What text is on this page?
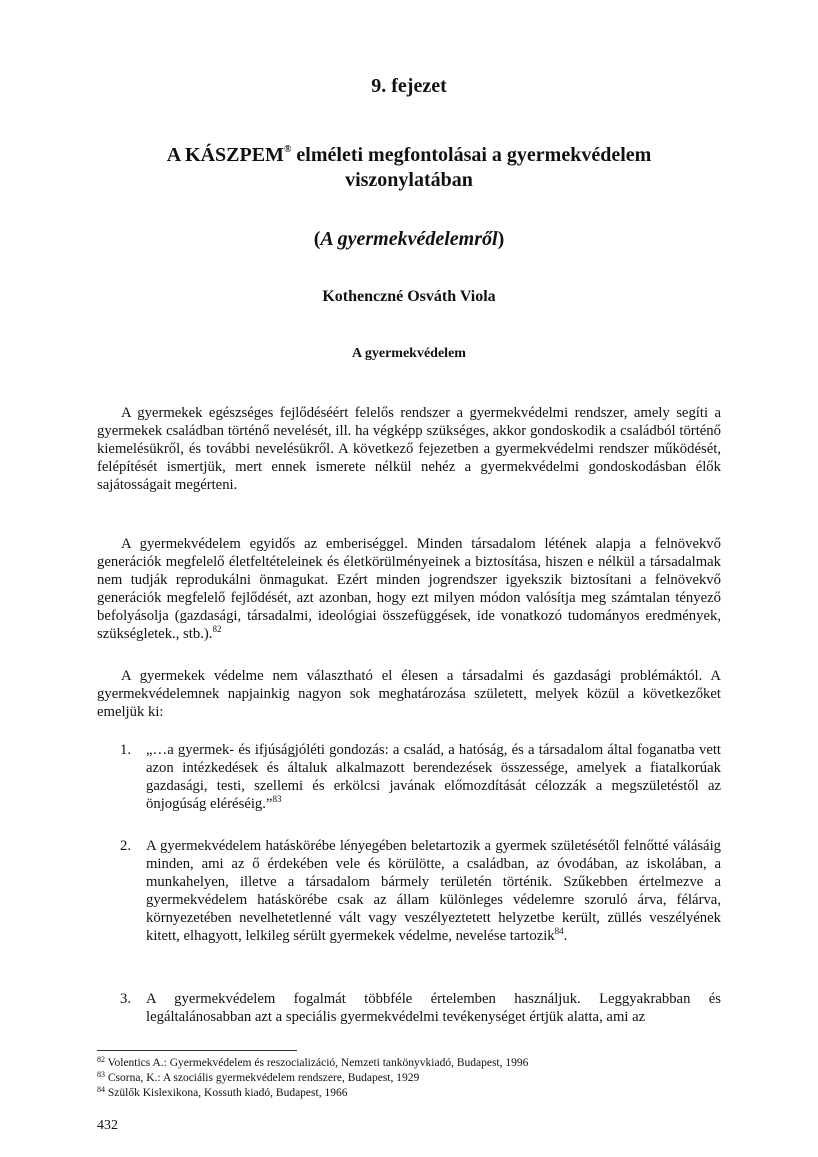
9. fejezet
A KÁSZPEM® elméleti megfontolásai a gyermekvédelem viszonylatában
(A gyermekvédelemről)
Kothenczné Osváth Viola
A gyermekvédelem

A gyermekek egészséges fejlődéséért felelős rendszer a gyermekvédelmi rendszer, amely segíti a gyermekek családban történő nevelését, ill. ha végképp szükséges, akkor gondoskodik a családból történő kiemelésükről, és további nevelésükről. A következő fejezetben a gyermekvédelmi rendszer működését, felépítését ismertjük, mert ennek ismerete nélkül nehéz a gyermekvédelmi gondoskodásban élők sajátosságait megérteni.

A gyermekvédelem egyidős az emberiséggel. Minden társadalom létének alapja a felnövekvő generációk megfelelő életfeltételeinek és életkörülményeinek a biztosítása, hiszen e nélkül a társadalmak nem tudják reprodukálni önmagukat. Ezért minden jogrendszer igyekszik biztosítani a felnövekvő generációk megfelelő fejlődését, azt azonban, hogy ezt milyen módon valósítja meg számtalan tényező befolyásolja (gazdasági, társadalmi, ideológiai összefüggések, ide vonatkozó tudományos eredmények, szükségletek., stb.).$^{82}$

A gyermekek védelme nem választható el élesen a társadalmi és gazdasági problémáktól. A gyermekvédelemnek napjainkig nagyon sok meghatározása született, melyek közül a következőket emeljük ki:

1.	„…a gyermek- és ifjúságjóléti gondozás: a család, a hatóság, és a társadalom által foganatba vett azon intézkedések és általuk alkalmazott berendezések összessége, amelyek a fiatalkorúak gazdasági, testi, szellemi és erkölcsi javának előmozdítását célozzák a megszületéstől az önjogúság eléréséig.”$^{83}$
2.	A gyermekvédelem hatáskörébe lényegében beletartozik a gyermek születésétől felnőtté válásáig minden, ami az ő érdekében vele és körülötte, a családban, az óvodában, az iskolában, a munkahelyen, illetve a társadalom bármely területén történik. Szűkebben értelmezve a gyermekvédelem hatáskörébe csak az állam különleges védelemre szoruló árva, félárva, környezetében nevelhetetlenné vált vagy veszélyeztetett helyzetbe került, züllés veszélyének kitett, elhagyott, lelkileg sérült gyermekek védelme, nevelése tartozik$^{84}$.
3.	A gyermekvédelem fogalmát többféle értelemben használjuk. Leggyakrabban és legáltalánosabban azt a speciális gyermekvédelmi tevékenységet értjük alatta, ami az
$^{82}$ Volentics A.: Gyermekvédelem és reszocializáció, Nemzeti tankönyvkiadó, Budapest, 1996
$^{83}$ Csorna, K.: A szociális gyermekvédelem rendszere, Budapest, 1929
$^{84}$ Szülők Kislexikona, Kossuth kiadó, Budapest, 1966
432
